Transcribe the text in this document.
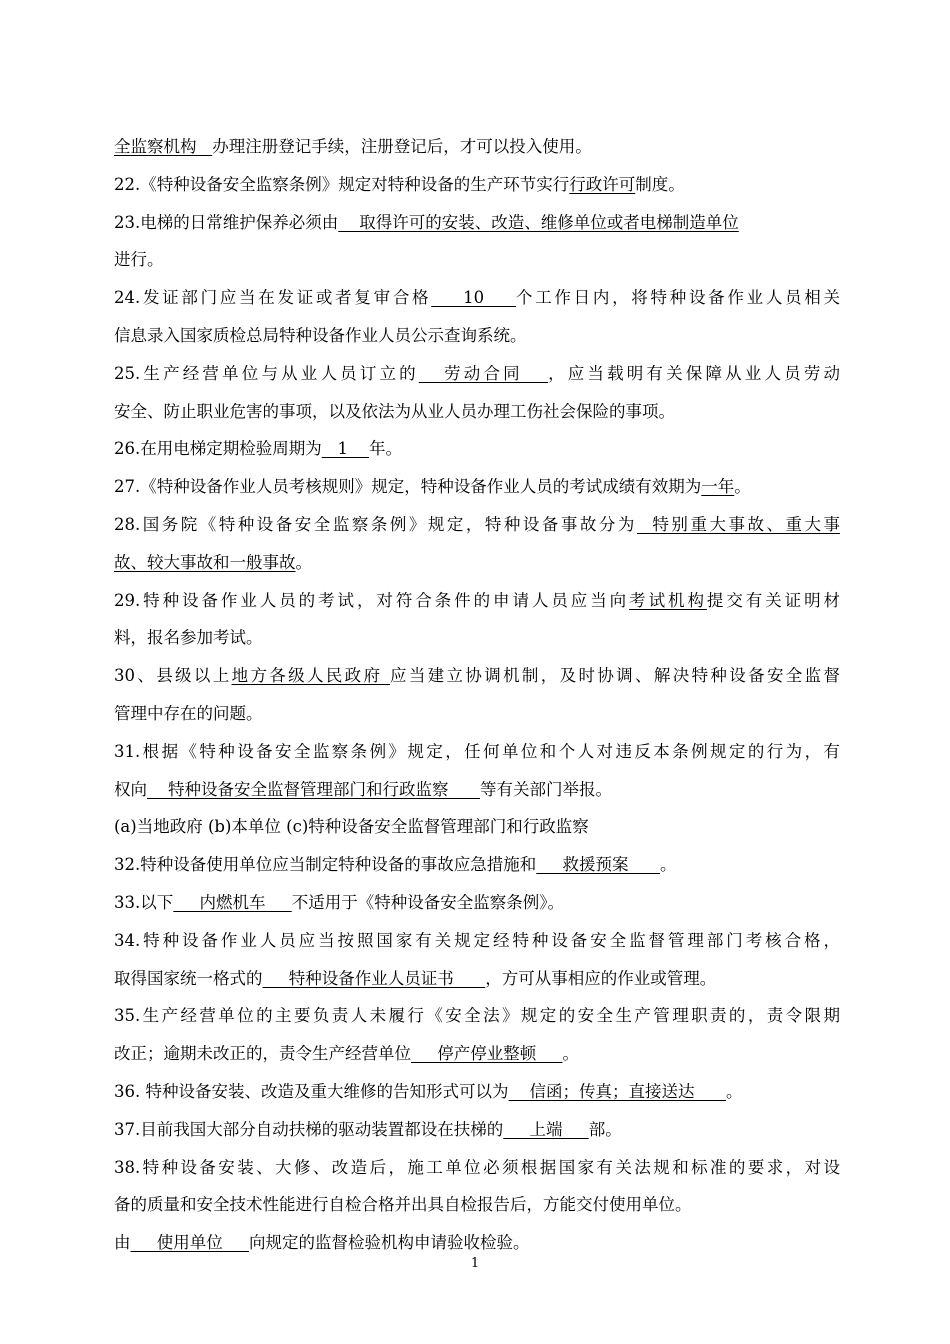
全监察机构   办理注册登记手续，注册登记后，才可以投入使用。
22.《特种设备安全监察条例》规定对特种设备的生产环节实行行政许可制度。
23.电梯的日常维护保养必须由    取得许可的安装、改造、维修单位或者电梯制造单位
进行。
24.发证部门应当在发证或者复审合格    10    个工作日内，将特种设备作业人员相关
信息录入国家质检总局特种设备作业人员公示查询系统。
25.生产经营单位与从业人员订立的   劳动合同   ，应当载明有关保障从业人员劳动
安全、防止职业危害的事项，以及依法为从业人员办理工伤社会保险的事项。
26.在用电梯定期检验周期为   1    年。
27.《特种设备作业人员考核规则》规定，特种设备作业人员的考试成绩有效期为一年。
28.国务院《特种设备安全监察条例》规定，特种设备事故分为  特别重大事故、重大事
故、较大事故和一般事故。
29.特种设备作业人员的考试，对符合条件的申请人员应当向考试机构提交有关证明材
料，报名参加考试。
30、县级以上地方各级人民政府 应当建立协调机制，及时协调、解决特种设备安全监督
管理中存在的问题。
31.根据《特种设备安全监察条例》规定，任何单位和个人对违反本条例规定的行为，有
权向    特种设备安全监督管理部门和行政监察      等有关部门举报。
(a)当地政府 (b)本单位 (c)特种设备安全监督管理部门和行政监察
32.特种设备使用单位应当制定特种设备的事故应急措施和     救援预案      。
33.以下     内燃机车     不适用于《特种设备安全监察条例》。
34.特种设备作业人员应当按照国家有关规定经特种设备安全监督管理部门考核合格，
取得国家统一格式的     特种设备作业人员证书      ，方可从事相应的作业或管理。
35.生产经营单位的主要负责人未履行《安全法》规定的安全生产管理职责的，责令限期
改正；逾期未改正的，责令生产经营单位     停产停业整顿     。
36. 特种设备安装、改造及重大维修的告知形式可以为    信函；传真；直接送达      。
37.目前我国大部分自动扶梯的驱动装置都设在扶梯的     上端     部。
38.特种设备安装、大修、改造后，施工单位必须根据国家有关法规和标准的要求，对设
备的质量和安全技术性能进行自检合格并出具自检报告后，方能交付使用单位。
由     使用单位     向规定的监督检验机构申请验收检验。
1
